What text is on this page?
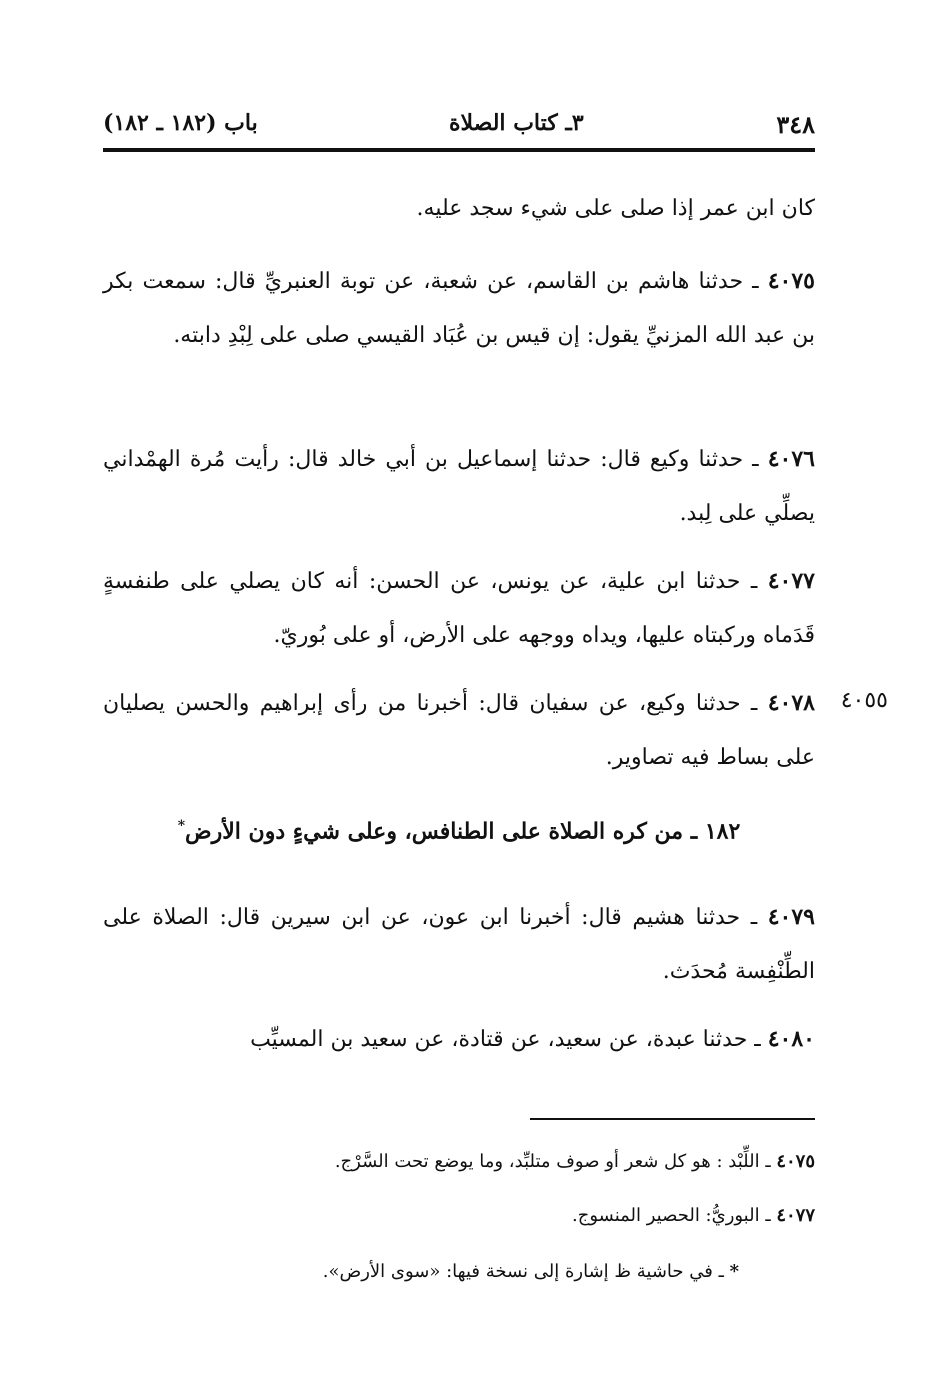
٣٤٨
٣ـ كتاب الصلاة
باب (١٨٢ ـ ١٨٢)
كان ابن عمر إذا صلى على شيء سجد عليه.
٤٠٧٥ ـ حدثنا هاشم بن القاسم، عن شعبة، عن توبة العنبريِّ قال: سمعت بكر بن عبد الله المزنيِّ يقول: إن قيس بن عُبَاد القيسي صلى على لِبْدِ دابته.
٤٠٧٦ ـ حدثنا وكيع قال: حدثنا إسماعيل بن أبي خالد قال: رأيت مُرة الهمْداني يصلِّي على لِبد.
٤٠٧٧ ـ حدثنا ابن علية، عن يونس، عن الحسن: أنه كان يصلي على طنفسةٍ قَدَماه وركبتاه عليها، ويداه ووجهه على الأرض، أو على بُوريّ.
٤٠٥٥
٤٠٧٨ ـ حدثنا وكيع، عن سفيان قال: أخبرنا من رأى إبراهيم والحسن يصليان على بساط فيه تصاوير.
١٨٢ ـ من كره الصلاة على الطنافس، وعلى شيءٍ دون الأرض*
٤٠٧٩ ـ حدثنا هشيم قال: أخبرنا ابن عون، عن ابن سيرين قال: الصلاة على الطِّنْفِسة مُحدَث.
٤٠٨٠ ـ حدثنا عبدة، عن سعيد، عن قتادة، عن سعيد بن المسيِّب
٤٠٧٥ ـ اللِّبْد : هو كل شعر أو صوف متلبِّد، وما يوضع تحت السَّرْج.
٤٠٧٧ ـ البوريُّ: الحصير المنسوج.
* ـ في حاشية ظ إشارة إلى نسخة فيها: «سوى الأرض».
